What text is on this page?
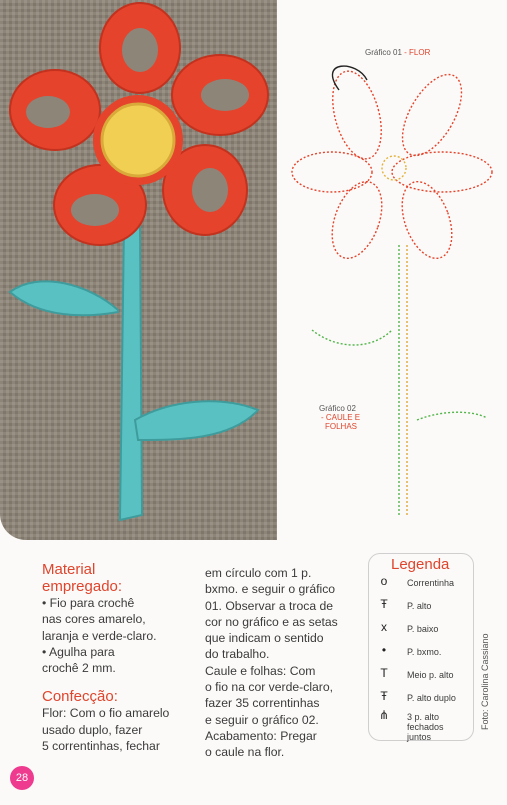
Gráfico 01 - FLOR
Gráfico 02
- CAULE E
FOLHAS
Material
empregado:
• Fio para crochê
nas cores amarelo,
laranja e verde-claro.
• Agulha para
crochê 2 mm.
Confecção:
Flor: Com o fio amarelo
usado duplo, fazer
5 correntinhas, fechar
em círculo com 1 p.
bxmo. e seguir o gráfico
01. Observar a troca de
cor no gráfico e as setas
que indicam o sentido
do trabalho.
Caule e folhas: Com
o fio na cor verde-claro,
fazer 35 correntinhas
e seguir o gráfico 02.
Acabamento: Pregar
o caule na flor.
Legenda
o	Correntinha
Ŧ	P. alto
x	P. baixo
•	P. bxmo.
T	Meio p. alto
Ŧ	P. alto duplo
⋔ 3 p. alto fechados juntos
Foto: Carolina Cassiano
28
